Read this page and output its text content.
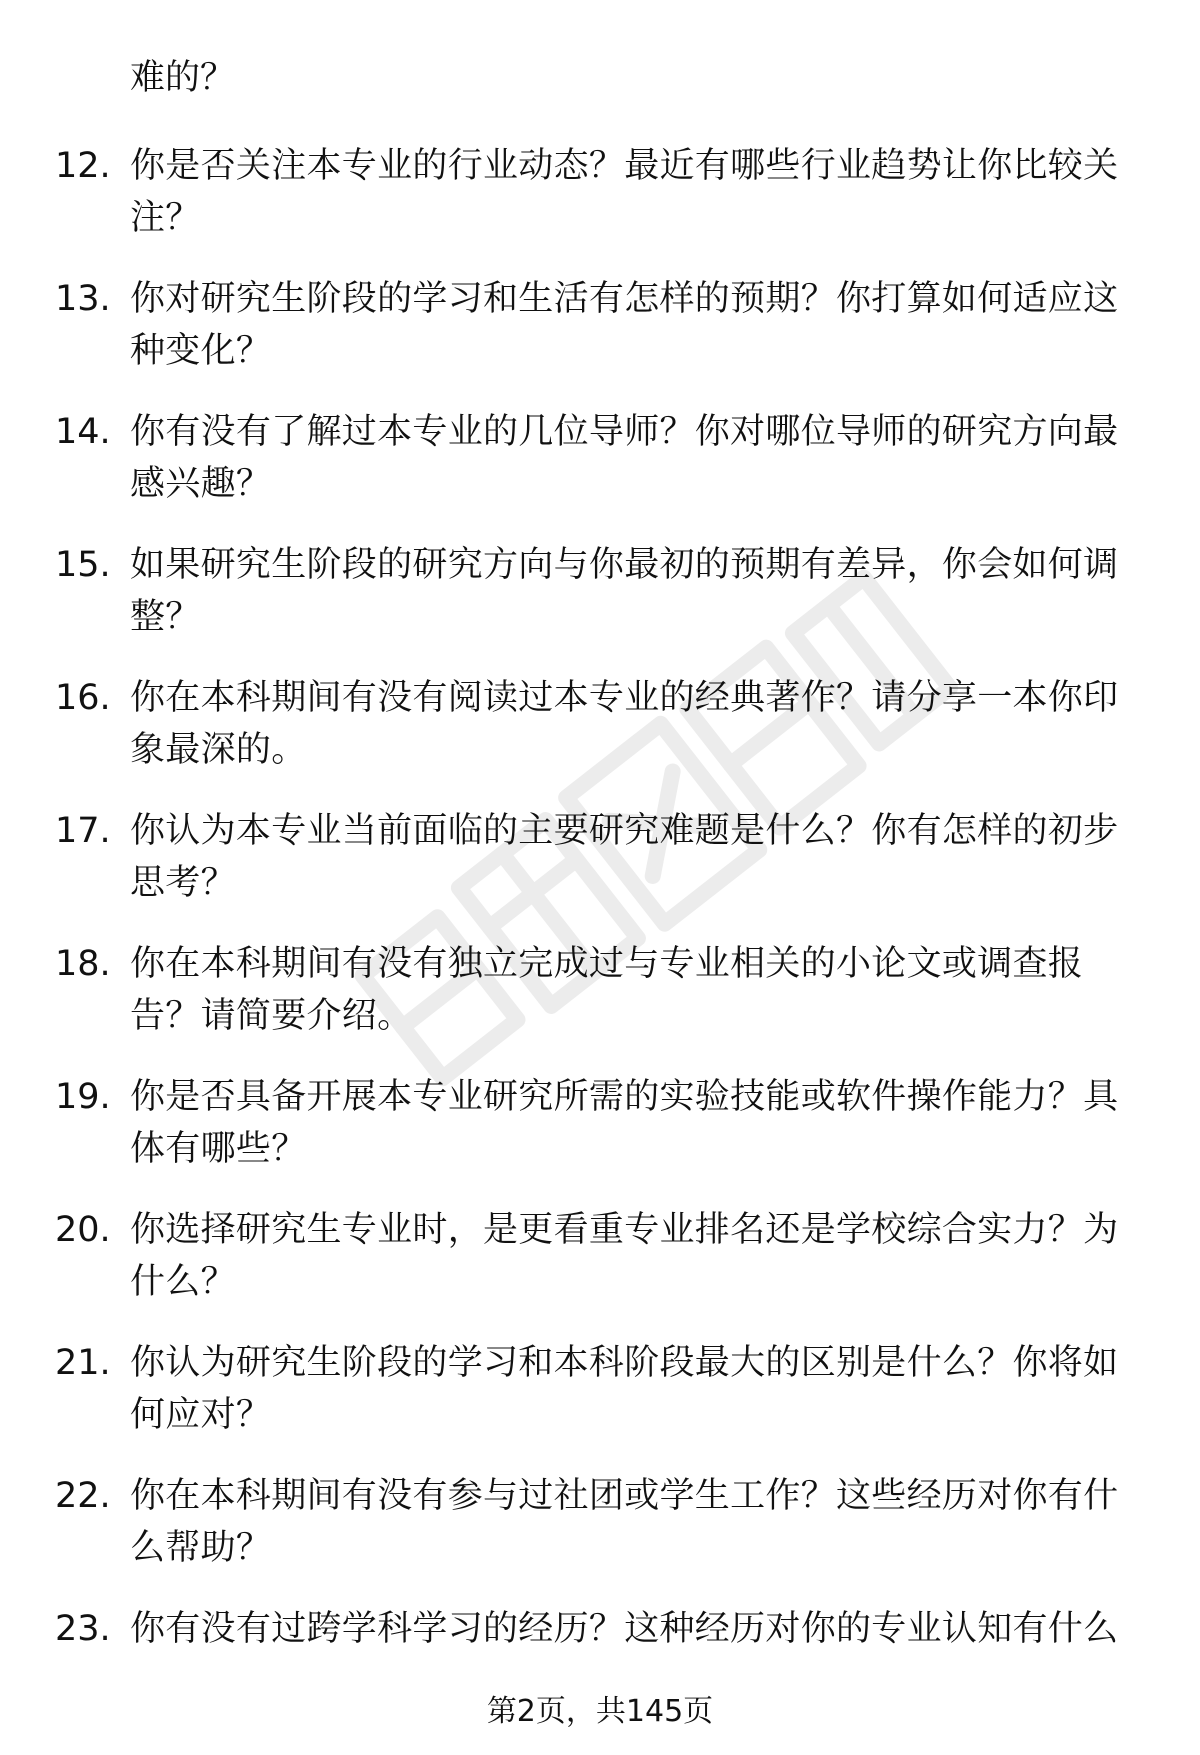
难的？
12. 你是否关注本专业的行业动态？最近有哪些行业趋势让你比较关注？
13. 你对研究生阶段的学习和生活有怎样的预期？你打算如何适应这种变化？
14. 你有没有了解过本专业的几位导师？你对哪位导师的研究方向最感兴趣？
15. 如果研究生阶段的研究方向与你最初的预期有差异，你会如何调整？
16. 你在本科期间有没有阅读过本专业的经典著作？请分享一本你印象最深的。
17. 你认为本专业当前面临的主要研究难题是什么？你有怎样的初步思考？
18. 你在本科期间有没有独立完成过与专业相关的小论文或调查报告？请简要介绍。
19. 你是否具备开展本专业研究所需的实验技能或软件操作能力？具体有哪些？
20. 你选择研究生专业时，是更看重专业排名还是学校综合实力？为什么？
21. 你认为研究生阶段的学习和本科阶段最大的区别是什么？你将如何应对？
22. 你在本科期间有没有参与过社团或学生工作？这些经历对你有什么帮助？
23. 你有没有过跨学科学习的经历？这种经历对你的专业认知有什么
第2页，共145页
